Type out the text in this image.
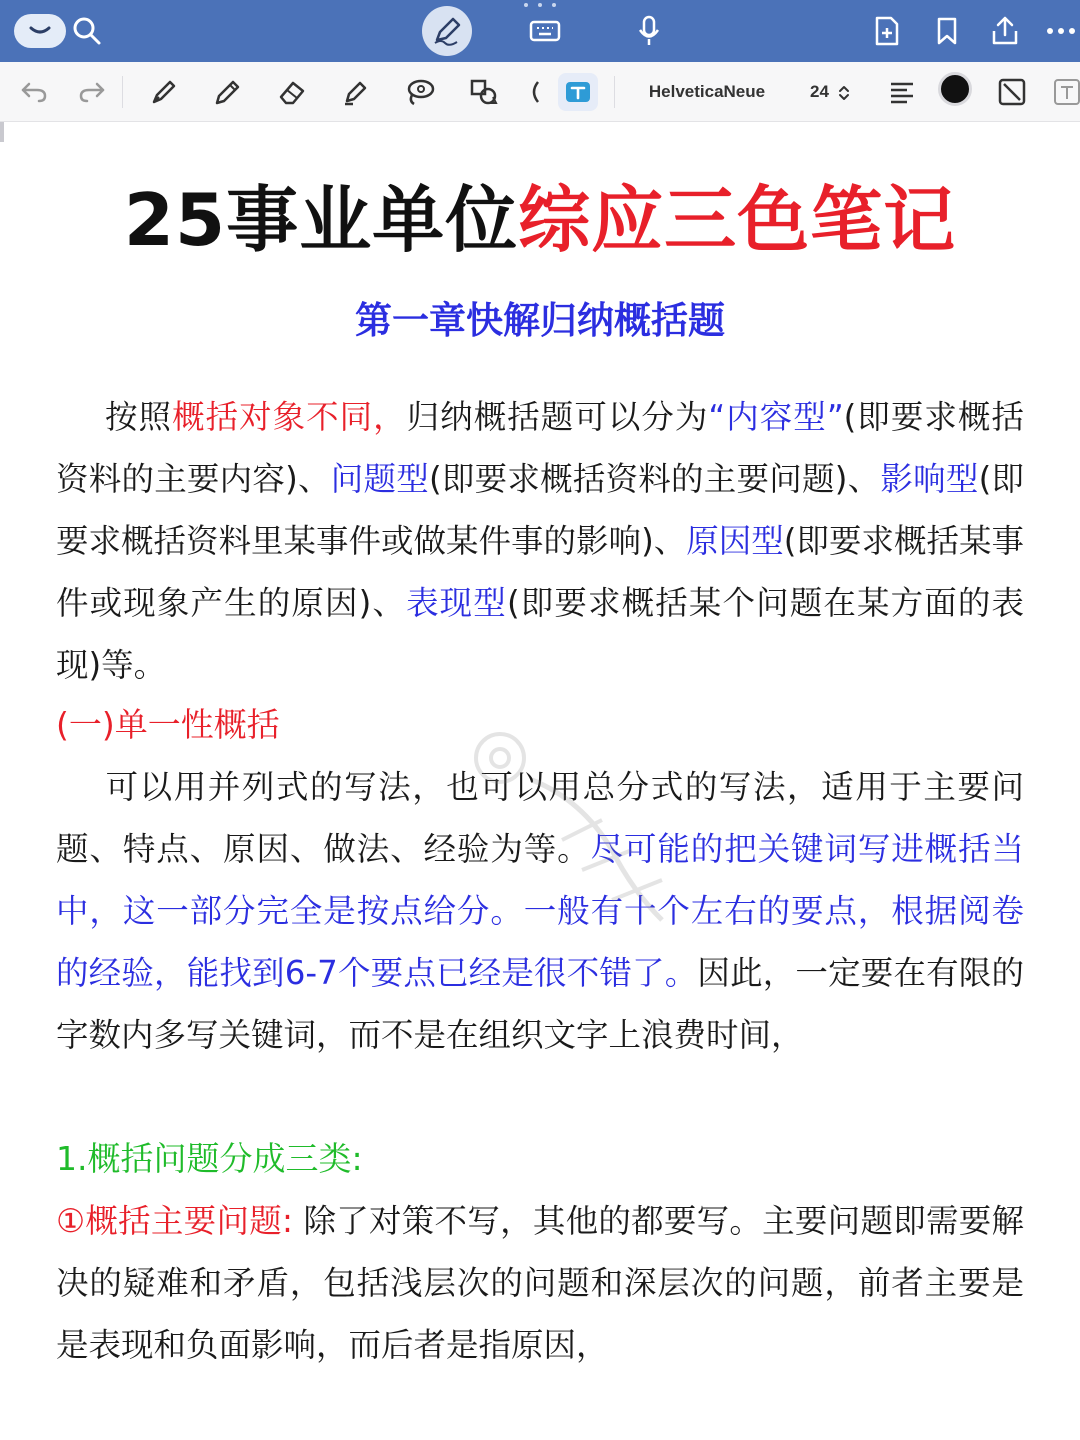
HelveticaNeue	24
25事业单位综应三色笔记
第一章快解归纳概括题
按照概括对象不同，归纳概括题可以分为“内容型”(即要求概括资料的主要内容)、问题型(即要求概括资料的主要问题)、影响型(即要求概括资料里某事件或做某件事的影响)、原因型(即要求概括某事件或现象产生的原因)、表现型(即要求概括某个问题在某方面的表现)等。
(一)单一性概括
可以用并列式的写法，也可以用总分式的写法，适用于主要问题、特点、原因、做法、经验为等。尽可能的把关键词写进概括当中，这一部分完全是按点给分。一般有十个左右的要点，根据阅卷的经验，能找到6-7个要点已经是很不错了。因此，一定要在有限的字数内多写关键词，而不是在组织文字上浪费时间，
1.概括问题分成三类:
①概括主要问题: 除了对策不写，其他的都要写。主要问题即需要解决的疑难和矛盾，包括浅层次的问题和深层次的问题，前者主要是是表现和负面影响，而后者是指原因，
